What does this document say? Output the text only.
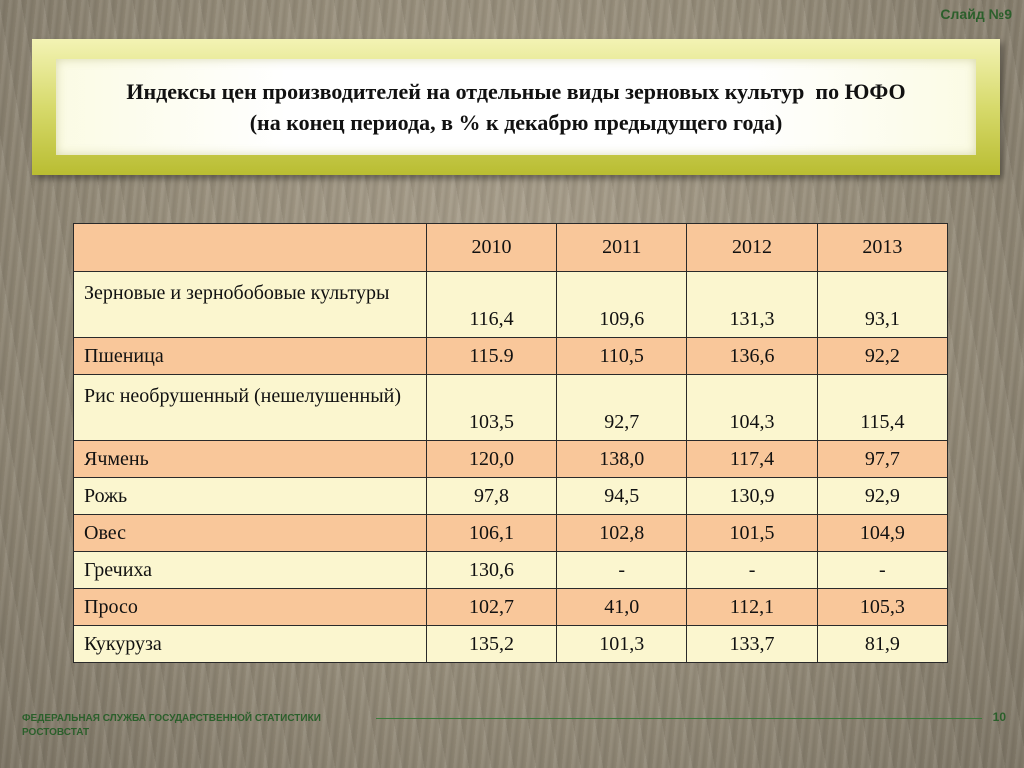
Слайд №9
Индексы цен производителей на отдельные виды зерновых культур  по ЮФО
(на конец периода, в % к декабрю предыдущего года)
	2010	2011	2012	2013
Зерновые и зернобобовые культуры	116,4	109,6	131,3	93,1
Пшеница	115.9	110,5	136,6	92,2
Рис необрушенный (нешелушенный)	103,5	92,7	104,3	115,4
Ячмень	120,0	138,0	117,4	97,7
Рожь	97,8	94,5	130,9	92,9
Овес	106,1	102,8	101,5	104,9
Гречиха	130,6	-	-	-
Просо	102,7	41,0	112,1	105,3
Кукуруза	135,2	101,3	133,7	81,9
ФЕДЕРАЛЬНАЯ СЛУЖБА ГОСУДАРСТВЕННОЙ СТАТИСТИКИ
РОСТОВСТАТ
10
